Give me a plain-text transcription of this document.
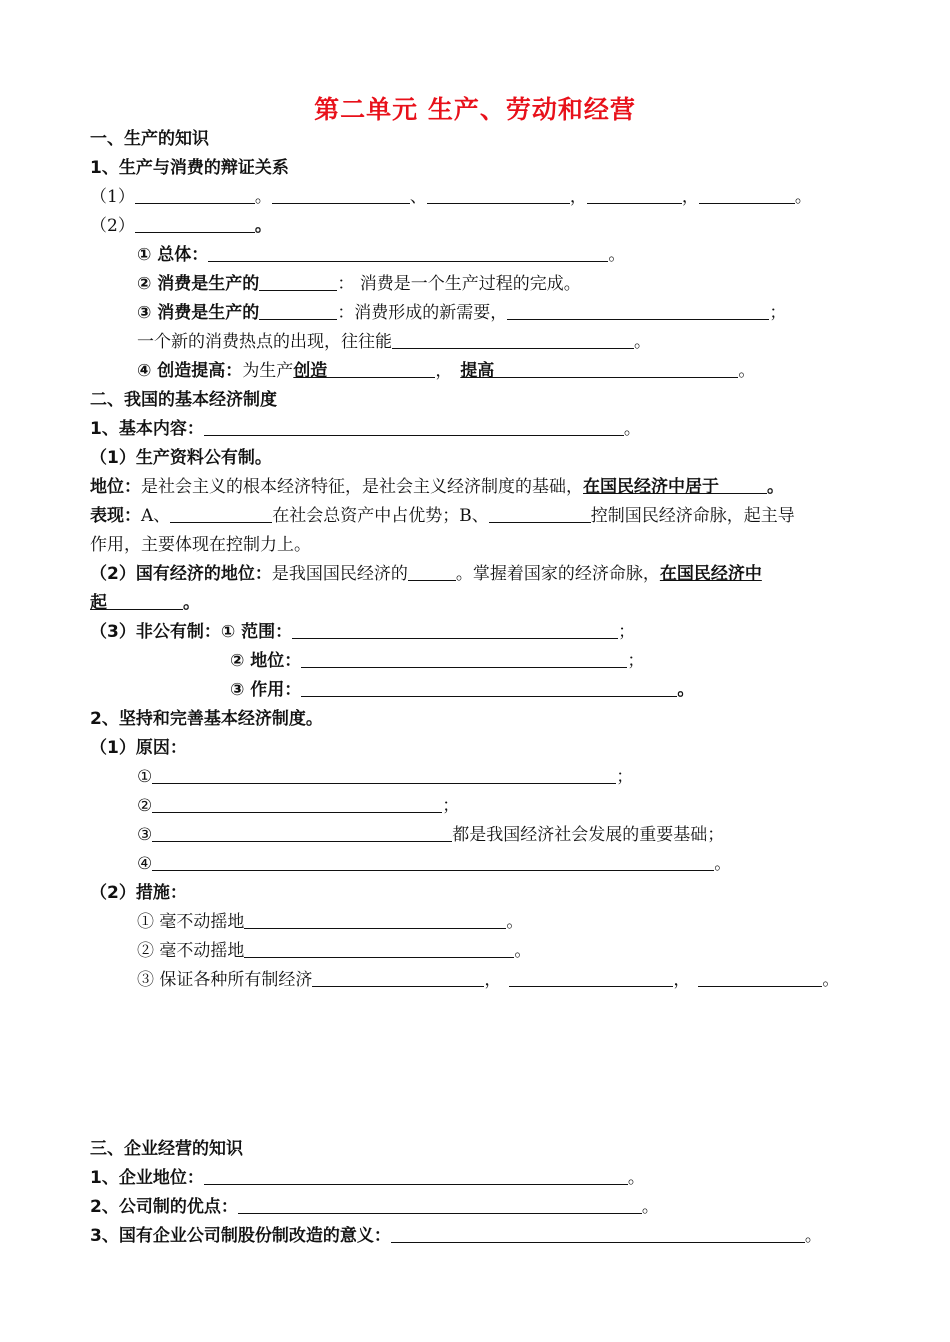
第二单元 生产、劳动和经营
一、生产的知识
1、生产与消费的辩证关系
（1）	。	、	，	，	。
（2）	。
① 总体：	。
② 消费是生产的	： 消费是一个生产过程的完成。
③ 消费是生产的	：消费形成的新需要，	；
一个新的消费热点的出现，往往能	。
④ 创造提高：为生产创造	， 提高	。
二、我国的基本经济制度
1、基本内容：	。
（1）生产资料公有制。
地位：是社会主义的根本经济特征，是社会主义经济制度的基础，在国民经济中居于	。
表现：A、	在社会总资产中占优势；B、	控制国民经济命脉，起主导
作用，主要体现在控制力上。
（2）国有经济的地位：是我国国民经济的	。掌握着国家的经济命脉，在国民经济中
起	。
（3）非公有制：① 范围：	；
② 地位：	；
③ 作用：	。
2、坚持和完善基本经济制度。
（1）原因：
①	；
②	；
③	都是我国经济社会发展的重要基础；
④	。
（2）措施：
① 毫不动摇地	。
② 毫不动摇地	。
③ 保证各种所有制经济	，	，	。
三、企业经营的知识
1、企业地位：	。
2、公司制的优点：	。
3、国有企业公司制股份制改造的意义：	。
